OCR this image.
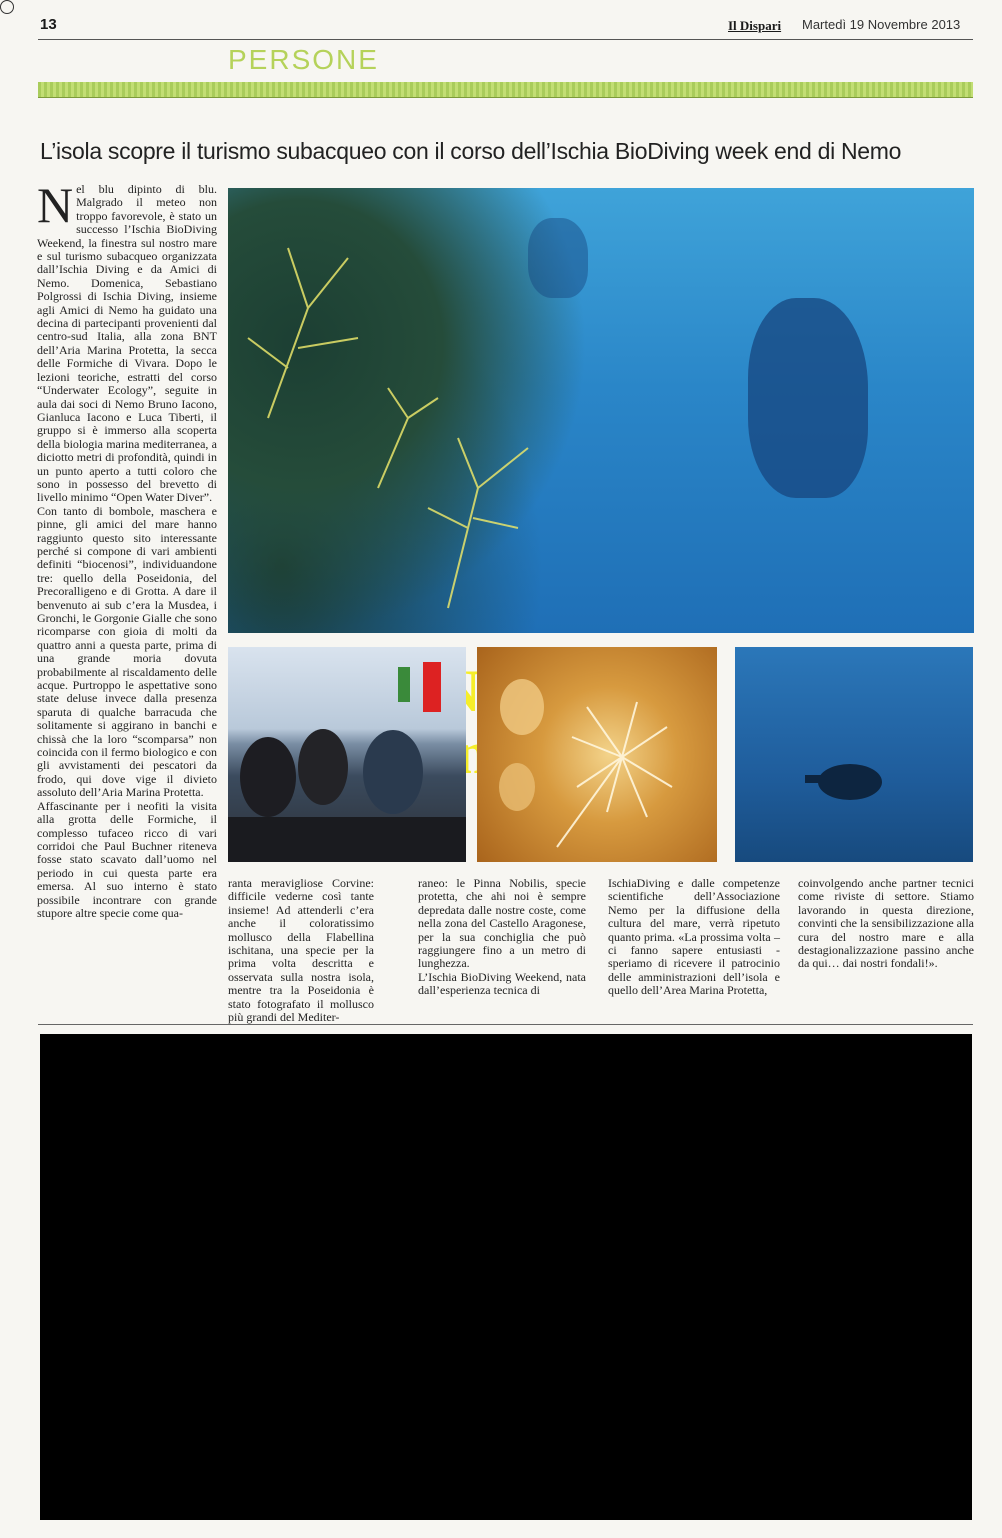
13	Il Dispari Martedì 19 Novembre 2013
PERSONE
L’isola scopre il turismo subacqueo con il corso dell’Ischia BioDiving week end di Nemo

Nel blu dipinto di blu. Malgrado il meteo non troppo favorevole, è stato un successo l’Ischia BioDiving Weekend, la finestra sul nostro mare e sul turismo subacqueo organizzata dall’Ischia Diving e da Amici di Nemo. Domenica, Sebastiano Polgrossi di Ischia Diving, insieme agli Amici di Nemo ha guidato una decina di partecipanti provenienti dal centro-sud Italia, alla zona BNT dell’Aria Marina Protetta, la secca delle Formiche di Vivara. Dopo le lezioni teoriche, estratti del corso “Underwater Ecology”, seguite in aula dai soci di Nemo Bruno Iacono, Gianluca Iacono e Luca Tiberti, il gruppo si è immerso alla scoperta della biologia marina mediterranea, a diciotto metri di profondità, quindi in un punto aperto a tutti coloro che sono in possesso del brevetto di livello minimo “Open Water Diver”.

Con tanto di bombole, maschera e pinne, gli amici del mare hanno raggiunto questo sito interessante perché si compone di vari ambienti definiti “biocenosi”, individuandone tre: quello della Poseidonia, del Precoralligeno e di Grotta. A dare il benvenuto ai sub c’era la Musdea, i Gronchi, le Gorgonie Gialle che sono ricomparse con gioia di molti da quattro anni a questa parte, prima di una grande moria dovuta probabilmente al riscaldamento delle acque. Purtroppo le aspettative sono state deluse invece dalla presenza sparuta di qualche barracuda che solitamente si aggirano in banchi e chissà che la loro “scomparsa” non coincida con il fermo biologico e con gli avvistamenti dei pescatori da frodo, qui dove vige il divieto assoluto dell’Aria Marina Protetta.

Affascinante per i neofiti la visita alla grotta delle Formiche, il complesso tufaceo ricco di vari corridoi che Paul Buchner riteneva fosse stato scavato dall’uomo nel periodo in cui questa parte era emersa. Al suo interno è stato possibile incontrare con grande stupore altre specie come qua-

ranta meravigliose Corvine: difficile vederne così tante insieme! Ad attenderli c’era anche il coloratissimo mollusco della Flabellina ischitana, una specie per la prima volta descritta e osservata sulla nostra isola, mentre tra la Poseidonia è stato fotografato il mollusco più grandi del Mediter-

raneo: le Pinna Nobilis, specie protetta, che ahi noi è sempre depredata dalle nostre coste, come nella zona del Castello Aragonese, per la sua conchiglia che può raggiungere fino a un metro di lunghezza.

L’Ischia BioDiving Weekend, nata dall’esperienza tecnica di

IschiaDiving e dalle competenze scientifiche dell’Associazione Nemo per la diffusione della cultura del mare, verrà ripetuto quanto prima. «La prossima volta – ci fanno sapere entusiasti - speriamo di ricevere il patrocinio delle amministrazioni dell’isola e quello dell’Area Marina Protetta,

coinvolgendo anche partner tecnici come riviste di settore. Stiamo lavorando in questa direzione, convinti che la sensibilizzazione alla cura del nostro mare e alla destagionalizzazione passino anche da qui… dai nostri fondali!».
